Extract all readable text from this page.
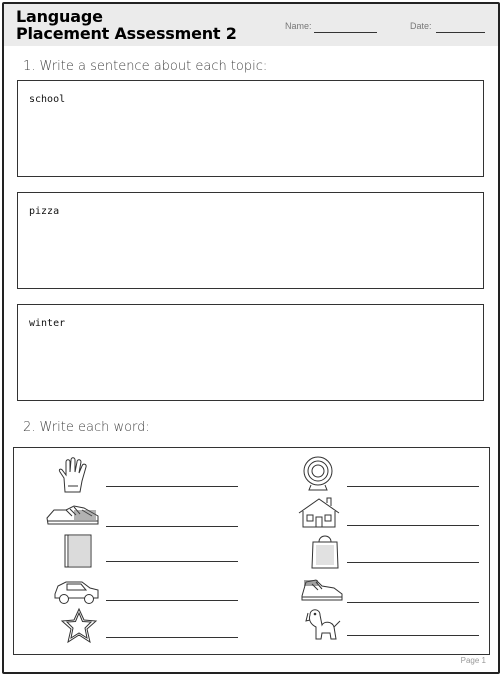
Language
Placement Assessment 2	Name:	Date:
1. Write a sentence about each topic:
school
pizza
winter
2. Write each word:
Page 1
